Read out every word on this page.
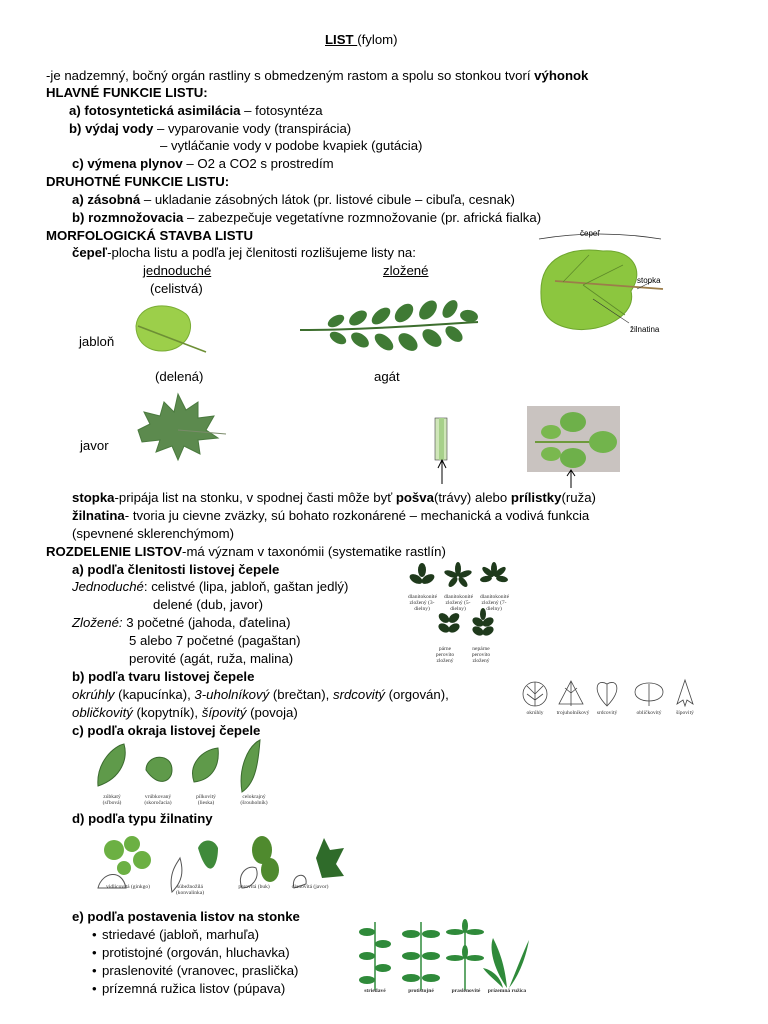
LIST (fylom)
-je nadzemný, bočný orgán rastliny s obmedzeným rastom a spolu so stonkou tvorí výhonok
HLAVNÉ FUNKCIE LISTU:
a) fotosyntetická asimilácia – fotosyntéza
b) výdaj vody – vyparovanie vody (transpirácia)
– vytláčanie vody v podobe kvapiek (gutácia)
c) výmena plynov – O2 a CO2 s prostredím
DRUHOTNÉ FUNKCIE LISTU:
a) zásobná – ukladanie zásobných látok (pr. listové cibule – cibuľa, cesnak)
b) rozmnožovacia – zabezpečuje vegetatívne rozmnožovanie (pr. africká fialka)
MORFOLOGICKÁ STAVBA LISTU
čepeľ-plocha listu a podľa jej členitosti rozlišujeme listy na:
jednoduché	zložené
(celistvá)
jabloň
(delená)	agát
javor
čepeľ
stopka
žilnatina
stopka-pripája list na stonku, v spodnej časti môže byť pošva(trávy) alebo prílistky(ruža)
žilnatina- tvoria ju cievne zväzky, sú bohato rozkonárené – mechanická a vodivá funkcia
(spevnené sklerenchýmom)
ROZDELENIE LISTOV-má význam v taxonómii (systematike rastlín)
a) podľa členitosti listovej čepele
Jednoduché: celistvé (lipa, jabloň, gaštan jedlý)
delené (dub, javor)
Zložené: 3 početné (jahoda, ďatelina)
5 alebo 7 početné (pagaštan)
perovité (agát, ruža, malina)
dlanitokonité zložený (3-dielny)
dlanitokonité zložený (5-dielny)
dlanitokonité zložený (7-dielny)
párne perovito zložený
nepárne perovito zložený
b) podľa tvaru listovej čepele
okrúhly (kapucínka), 3-uholníkový (brečtan), srdcovitý (orgován),
obličkovitý (kopytník), šípovitý (povoja)	okrúhly	trojuholníkový	srdcovitý	obličkovitý	šípovitý
c) podľa okraja listovej čepele
zúbkatý (sľbová)
vrúbkovaný (skoročacia)
pílkovitý (lieska)
celokrajný (šrouholník)
d) podľa typu žilnatiny
vidlicovitá (ginkgo)	súbežnožilá (konvalinka)
perovitá (buk)	dlanovitá (javor)
e) podľa postavenia listov na stonke
• striedavé (jabloň, marhuľa)
• protistojné (orgován, hluchavka)
• praslenovité (vranovec, praslička)
• prízemná ružica listov (púpava)	striedavé	protistojné	praslenovité	prízemná ružica
